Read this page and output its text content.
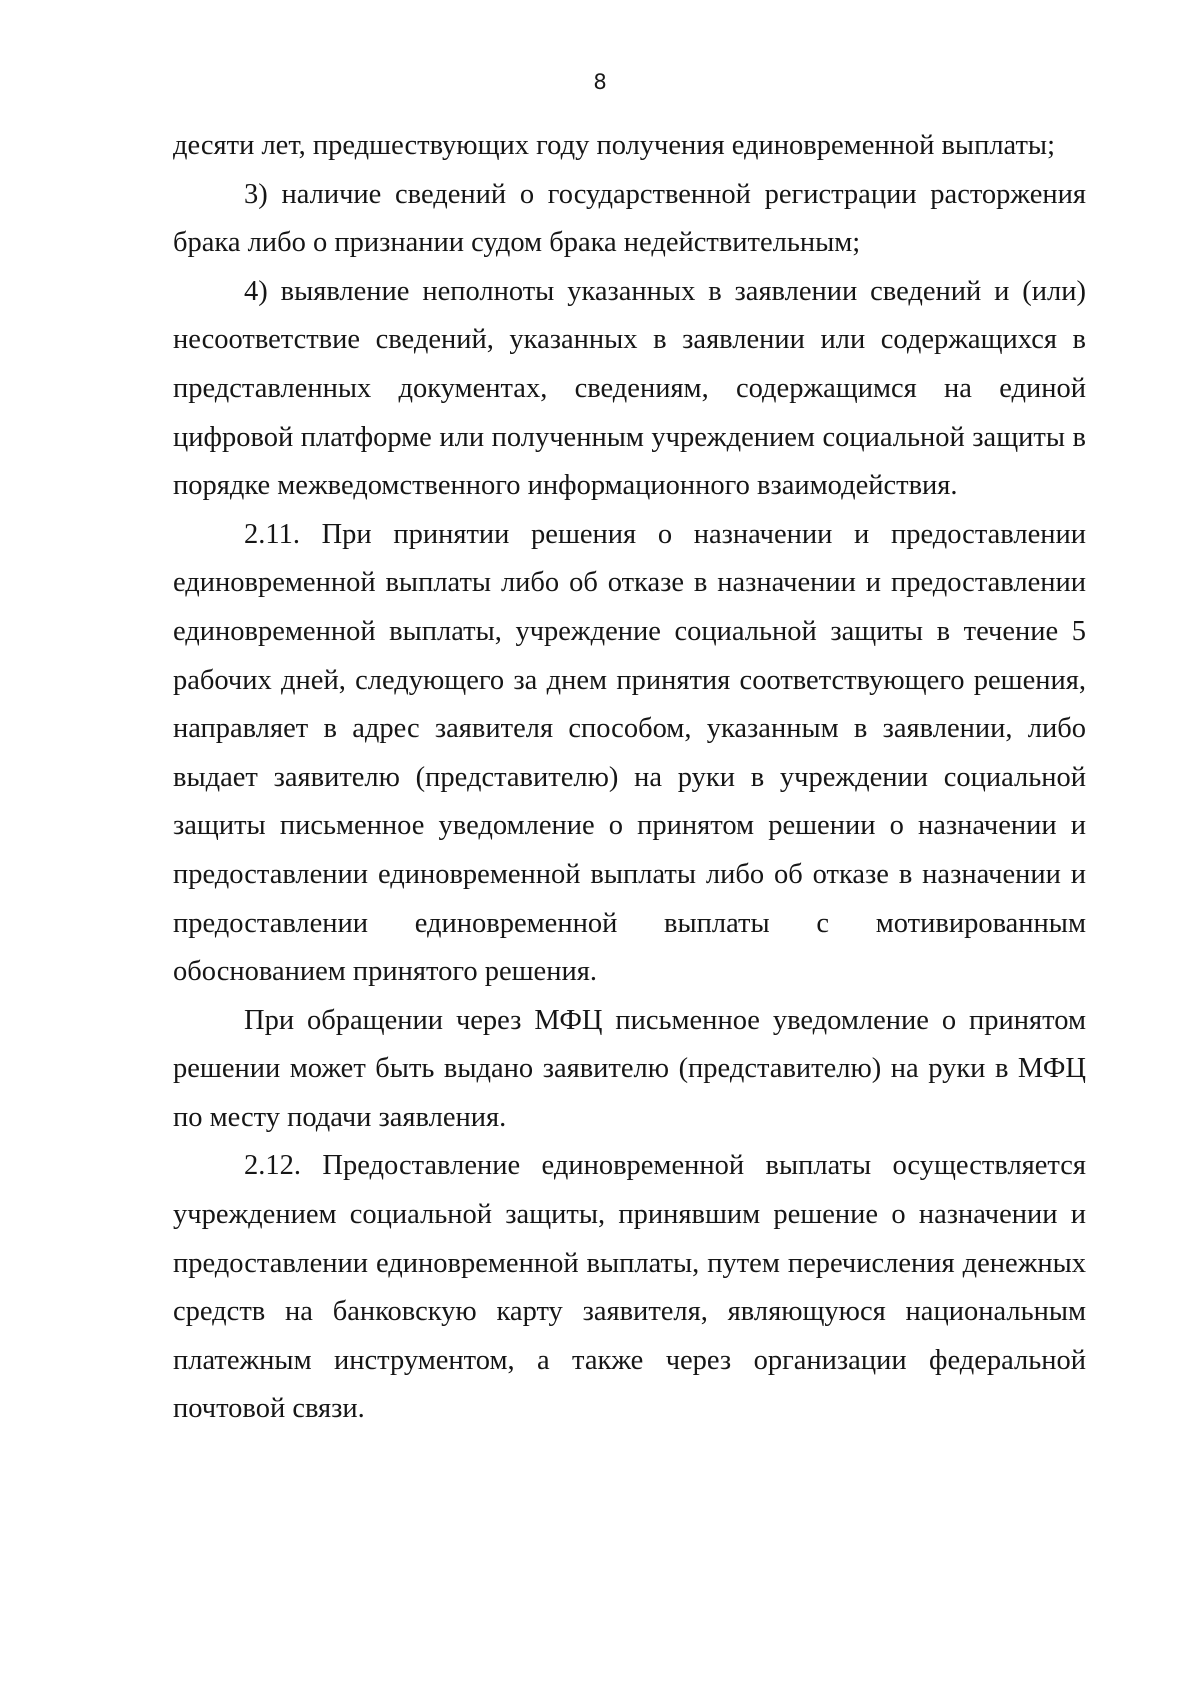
8

десяти лет, предшествующих году получения единовременной выплаты;

3) наличие сведений о государственной регистрации расторжения брака либо о признании судом брака недействительным;

4) выявление неполноты указанных в заявлении сведений и (или) несоответствие сведений, указанных в заявлении или содержащихся в представленных документах, сведениям, содержащимся на единой цифровой платформе или полученным учреждением социальной защиты в порядке межведомственного информационного взаимодействия.

2.11. При принятии решения о назначении и предоставлении единовременной выплаты либо об отказе в назначении и предоставлении единовременной выплаты, учреждение социальной защиты в течение 5 рабочих дней, следующего за днем принятия соответствующего решения, направляет в адрес заявителя способом, указанным в заявлении, либо выдает заявителю (представителю) на руки в учреждении социальной защиты письменное уведомление о принятом решении о назначении и предоставлении единовременной выплаты либо об отказе в назначении и предоставлении единовременной выплаты с мотивированным обоснованием принятого решения.

При обращении через МФЦ письменное уведомление о принятом решении может быть выдано заявителю (представителю) на руки в МФЦ по месту подачи заявления.

2.12. Предоставление единовременной выплаты осуществляется учреждением социальной защиты, принявшим решение о назначении и предоставлении единовременной выплаты, путем перечисления денежных средств на банковскую карту заявителя, являющуюся национальным платежным инструментом, а также через организации федеральной почтовой связи.
